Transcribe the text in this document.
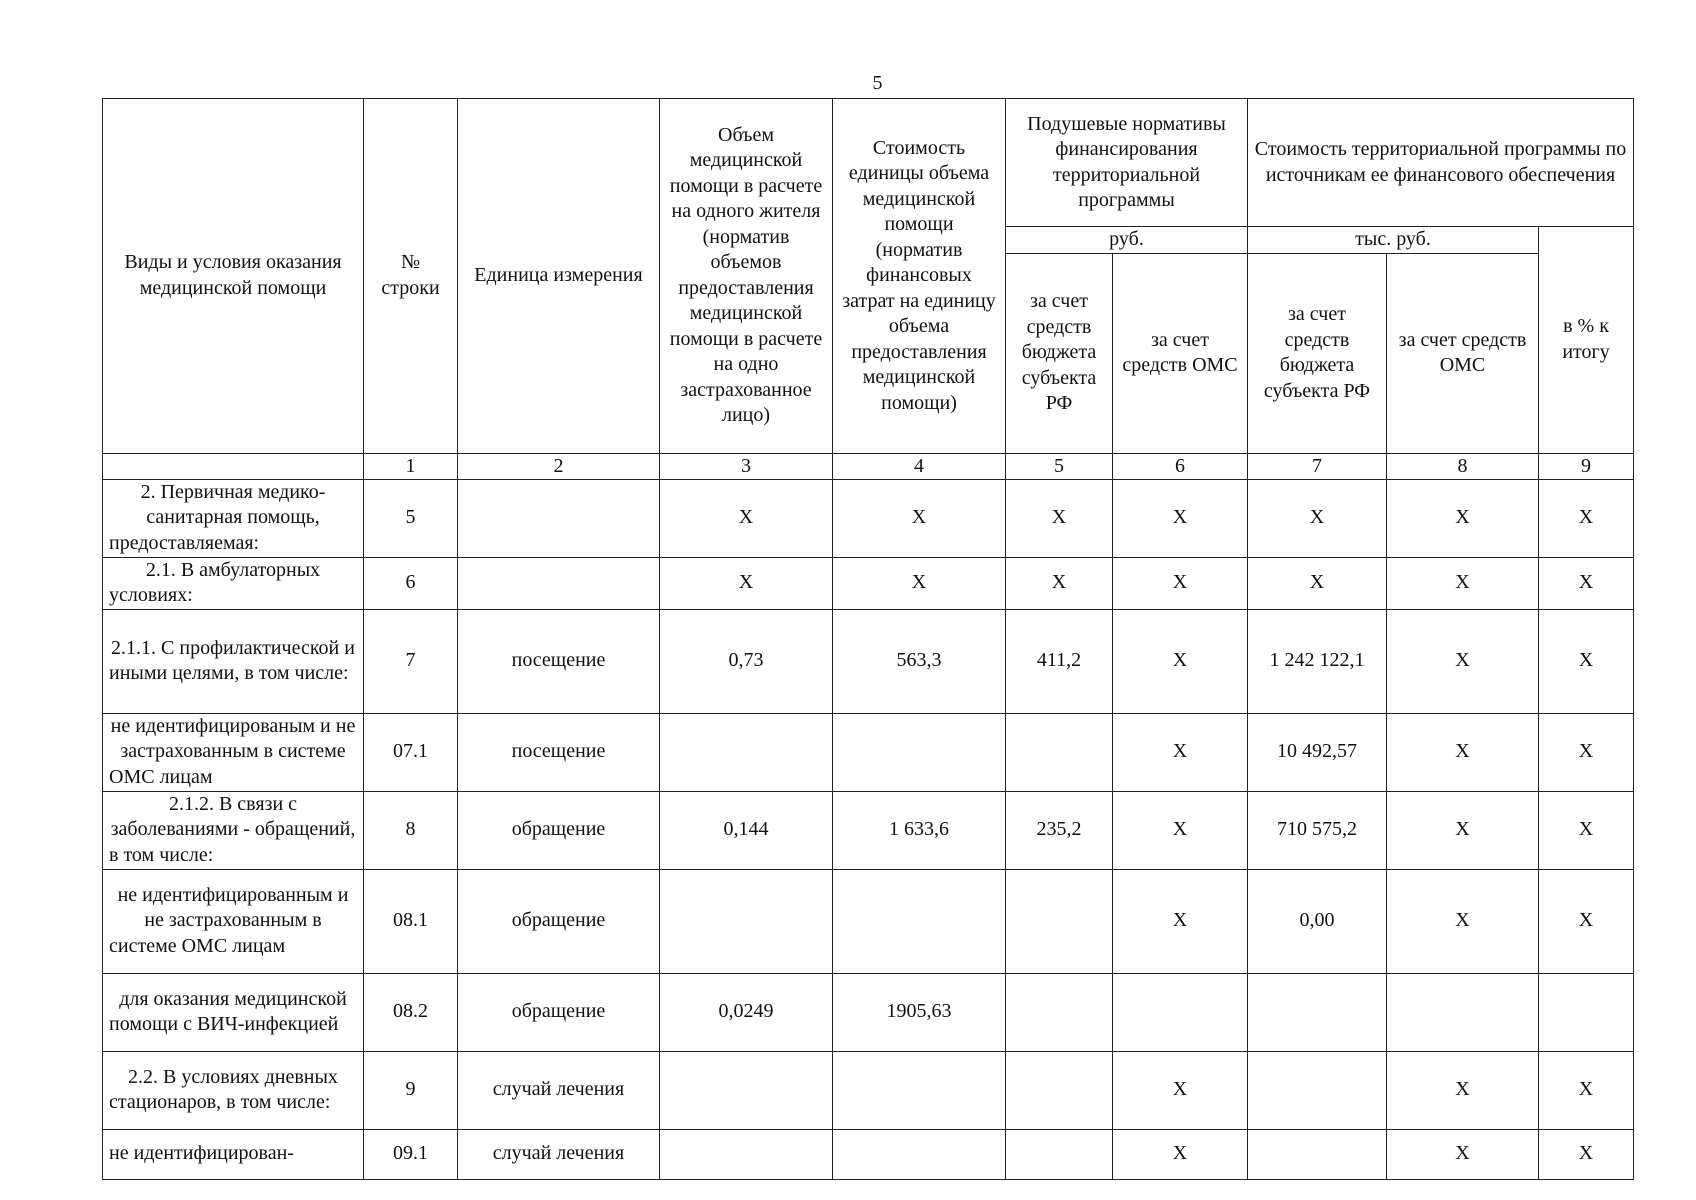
5
Виды и условия оказания медицинской помощи	№ строки	Единица измерения	Объем медицинской помощи в расчете на одного жителя (норматив объемов предоставления медицинской помощи в расчете на одно застрахованное лицо)	Стоимость единицы объема медицинской помощи (норматив финансовых затрат на единицу объема предоставления медицинской помощи)	Подушевые нормативы финансирования территориальной программы		Стоимость территориальной программы по источникам ее финансового обеспечения		
					руб.		тыс. руб.		в % к итогу
					за счет средств бюджета субъекта РФ	за счет средств ОМС	за счет средств бюджета субъекта РФ	за счет средств ОМС	
	1	2	3	4	5	6	7	8	9
2. Первичная медико-санитарная помощь, предоставляемая:	5		X	X	X	X	X	X	X
2.1. В амбулаторных условиях:	6		X	X	X	X	X	X	X
2.1.1. С профилактической и иными целями, в том числе:	7	посещение	0,73	563,3	411,2	X	1 242 122,1	X	X
не идентифицированым и не застрахованным в системе ОМС лицам	07.1	посещение				X	10 492,57	X	X
2.1.2. В связи с заболеваниями - обращений, в том числе:	8	обращение	0,144	1 633,6	235,2	X	710 575,2	X	X
не идентифицированным и не застрахованным в системе ОМС лицам	08.1	обращение				X	0,00	X	X
для оказания медицинской помощи с ВИЧ-инфекцией	08.2	обращение	0,0249	1905,63					
2.2. В условиях дневных стационаров, в том числе:	9	случай лечения				X		X	X
не идентифицирован-	09.1	случай лечения				X		X	X
